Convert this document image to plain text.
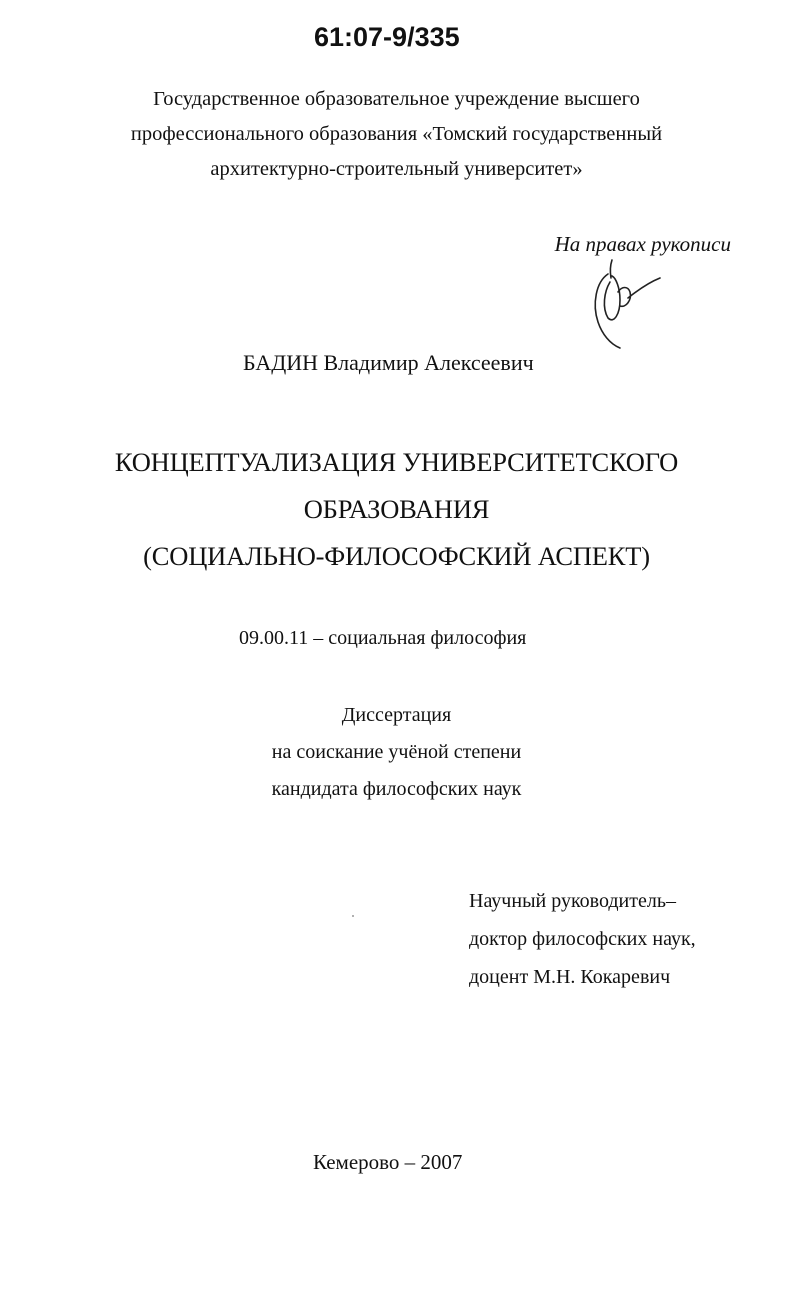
61:07-9/335
Государственное образовательное учреждение высшего
профессионального образования «Томский государственный
архитектурно-строительный университет»
На правах рукописи
БАДИН Владимир Алексеевич
КОНЦЕПТУАЛИЗАЦИЯ УНИВЕРСИТЕТСКОГО
ОБРАЗОВАНИЯ
(СОЦИАЛЬНО-ФИЛОСОФСКИЙ АСПЕКТ)
09.00.11 – социальная философия
Диссертация
на соискание учёной степени
кандидата философских наук
Научный руководитель–
доктор философских наук,
доцент М.Н. Кокаревич
Кемерово – 2007
